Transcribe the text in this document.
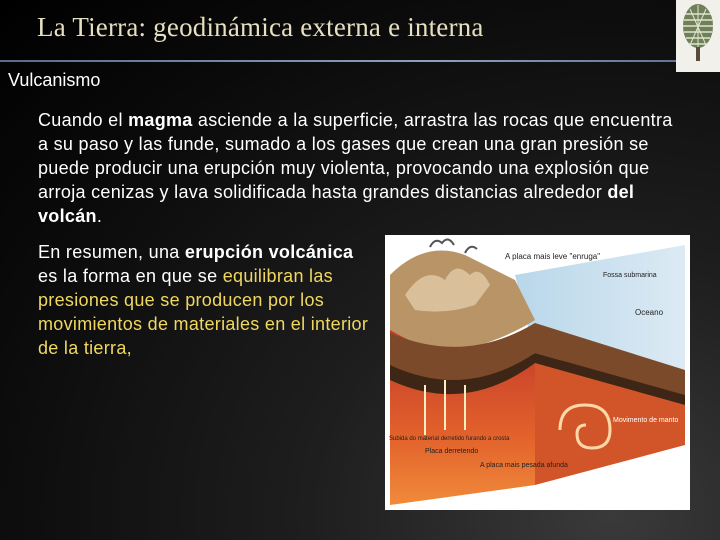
La Tierra: geodinámica externa e interna
Vulcanismo
Cuando el magma asciende a la superficie, arrastra las rocas que encuentra a su paso y las funde, sumado a los gases que crean una gran presión se puede producir una erupción muy violenta, provocando una explosión que arroja cenizas y lava solidificada hasta grandes distancias alrededor del volcán.
En resumen, una erupción volcánica es la forma en que se equilibran las presiones que se producen por los movimientos de materiales en el interior de la tierra,
A placa mais leve "enruga"
Fossa submarina
Oceano
Movimento de manto
Subida do material derretido furando a crosta
Placa derretendo
A placa mais pesada afunda
